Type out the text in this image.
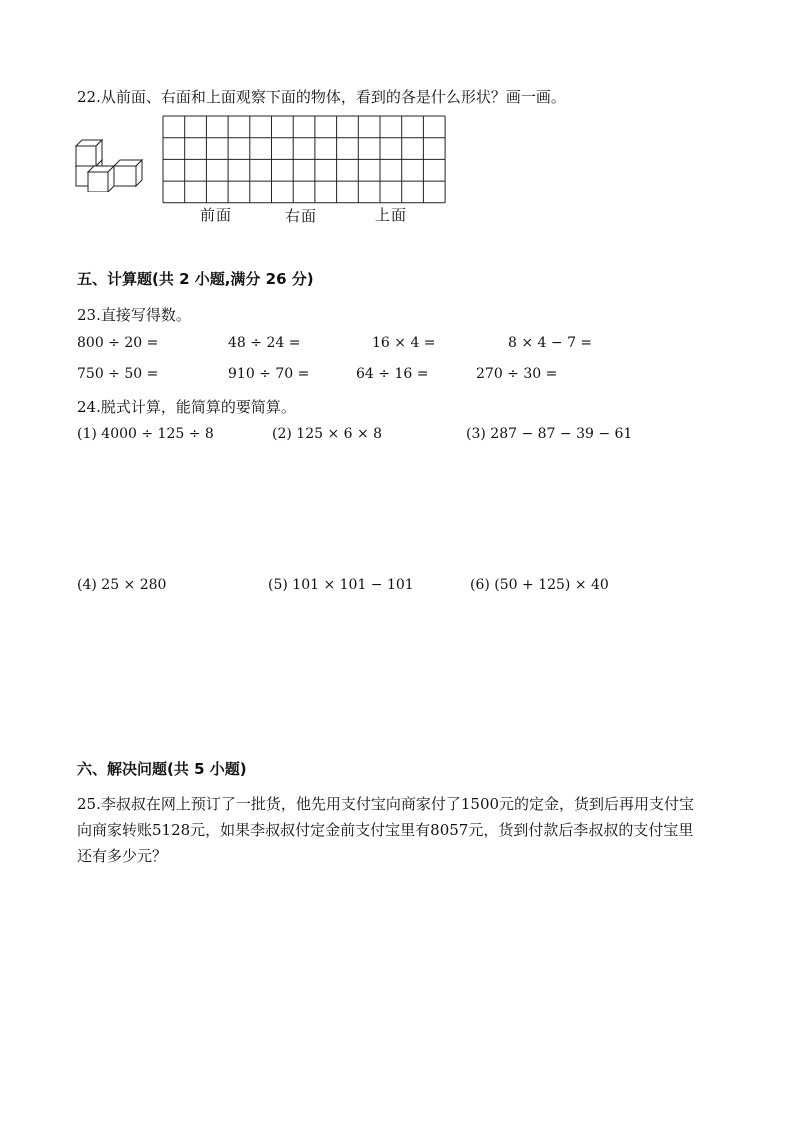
22.从前面、右面和上面观察下面的物体，看到的各是什么形状？画一画。
前面	右面	上面
五、计算题(共 2 小题,满分 26 分)
23.直接写得数。
800 ÷ 20 =	48 ÷ 24 =	16 × 4 =	8 × 4 − 7 =
750 ÷ 50 =	910 ÷ 70 =	64 ÷ 16 =	270 ÷ 30 =
24.脱式计算，能简算的要简算。
(1) 4000 ÷ 125 ÷ 8	(2) 125 × 6 × 8	(3) 287 − 87 − 39 − 61
(4) 25 × 280	(5) 101 × 101 − 101	(6) (50 + 125) × 40
六、解决问题(共 5 小题)
25.李叔叔在网上预订了一批货，他先用支付宝向商家付了1500元的定金，货到后再用支付宝
向商家转账5128元，如果李叔叔付定金前支付宝里有8057元，货到付款后李叔叔的支付宝里
还有多少元？
